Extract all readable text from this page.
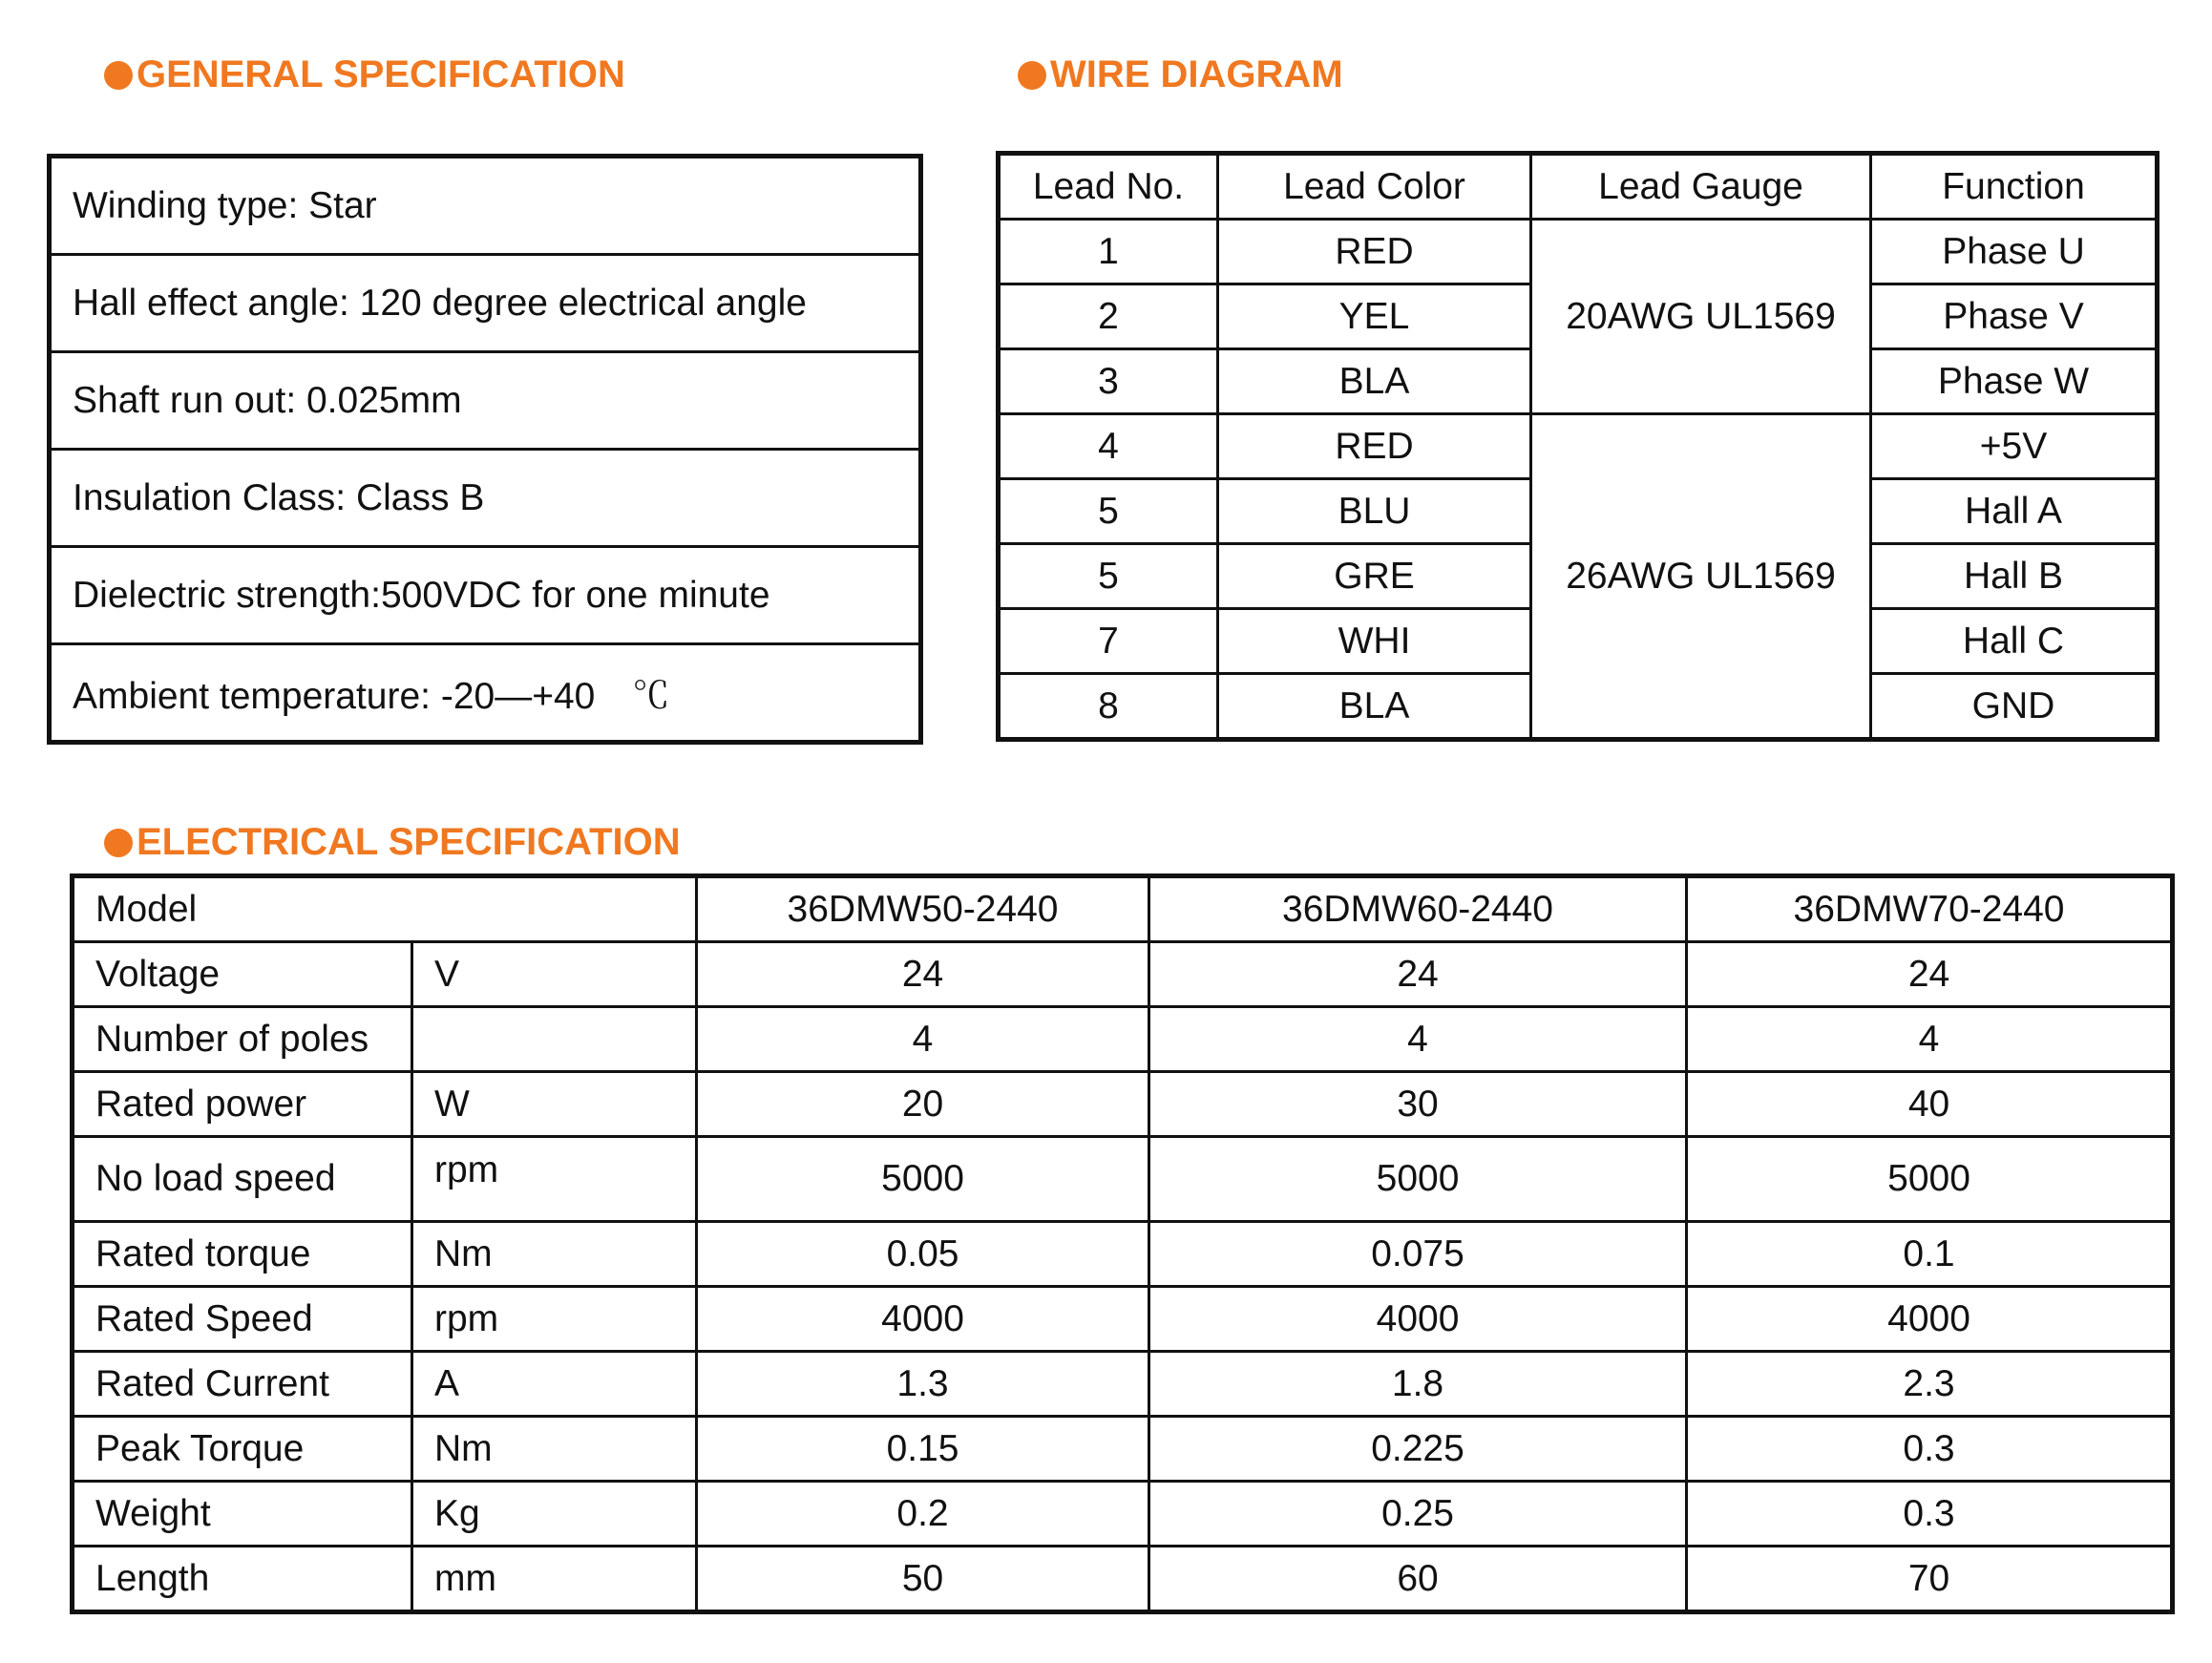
GENERAL SPECIFICATION	WIRE DIAGRAM
ELECTRICAL SPECIFICATION
Winding type: Star
Hall effect angle: 120 degree electrical angle
Shaft run out: 0.025mm
Insulation Class: Class B
Dielectric strength:500VDC for one minute
Ambient temperature: -20—+40　℃
Lead No.	Lead Color	Lead Gauge	Function
1	RED	20AWG UL1569	Phase U
2	YEL		Phase V
3	BLA		Phase W
4	RED	26AWG UL1569	+5V
5	BLU		Hall A
5	GRE		Hall B
7	WHI		Hall C
8	BLA		GND
Model		36DMW50-2440	36DMW60-2440	36DMW70-2440
Voltage	V	24	24	24
Number of poles		4	4	4
Rated power	W	20	30	40
No load speed	rpm	5000	5000	5000
Rated torque	Nm	0.05	0.075	0.1
Rated Speed	rpm	4000	4000	4000
Rated Current	A	1.3	1.8	2.3
Peak Torque	Nm	0.15	0.225	0.3
Weight	Kg	0.2	0.25	0.3
Length	mm	50	60	70
